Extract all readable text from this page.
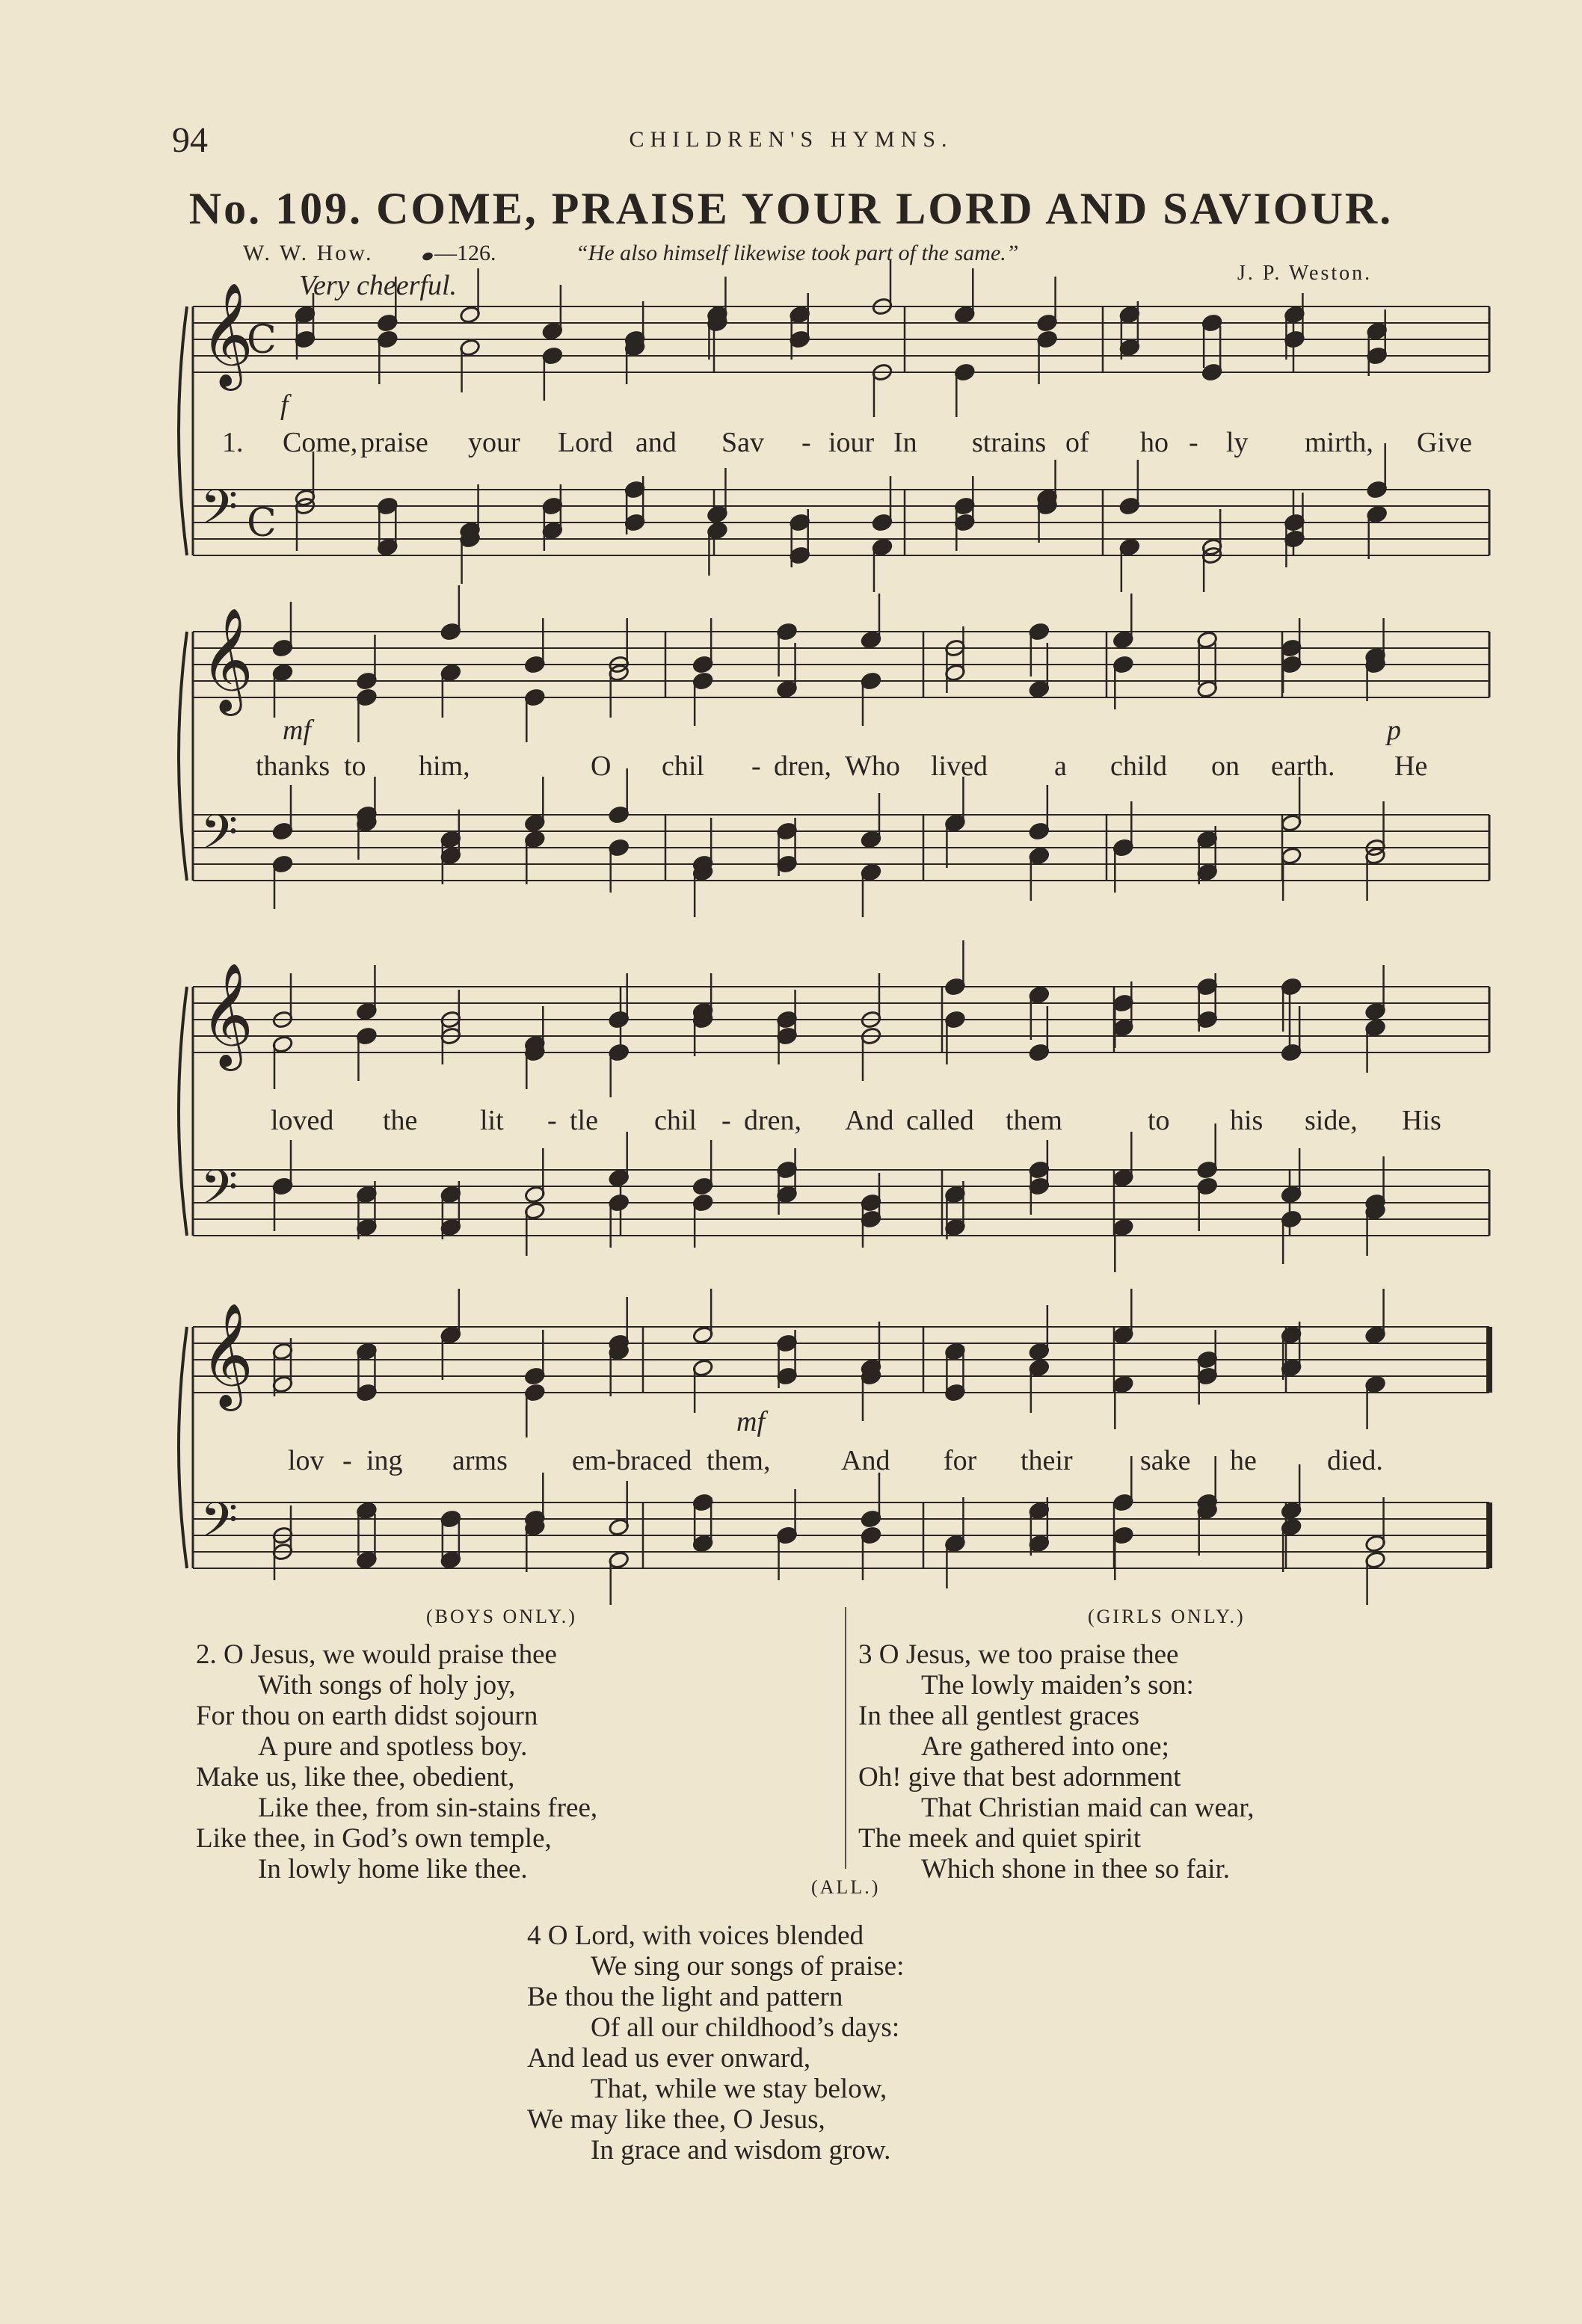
94	CHILDREN'S HYMNS.
No. 109. COME, PRAISE YOUR LORD AND SAVIOUR.
W. W. How.	—126.	“He also himself likewise took part of the same.”
Very cheerful.	J. P. Weston.
𝄞
C
𝄢 C
𝄞
𝄢
𝄞
𝄢
𝄞
𝄢
1. Come, praise your Lord and Sav - iour In strains of ho - ly mirth, Give
thanks to him,	O chil - dren, Who lived a child on earth. He
loved the lit - tle chil - dren, And called them	to his side, His
lov - ing arms em-braced them, And for their sake he died.
f
mf	p
mf
(BOYS ONLY.)	(GIRLS ONLY.)
(ALL.)
2. O Jesus, we would praise thee
With songs of holy joy,
For thou on earth didst sojourn
A pure and spotless boy.
Make us, like thee, obedient,
Like thee, from sin-stains free,
Like thee, in God’s own temple,
In lowly home like thee.
3 O Jesus, we too praise thee
The lowly maiden’s son:
In thee all gentlest graces
Are gathered into one;
Oh! give that best adornment
That Christian maid can wear,
The meek and quiet spirit
Which shone in thee so fair.
4 O Lord, with voices blended
We sing our songs of praise:
Be thou the light and pattern
Of all our childhood’s days:
And lead us ever onward,
That, while we stay below,
We may like thee, O Jesus,
In grace and wisdom grow.
